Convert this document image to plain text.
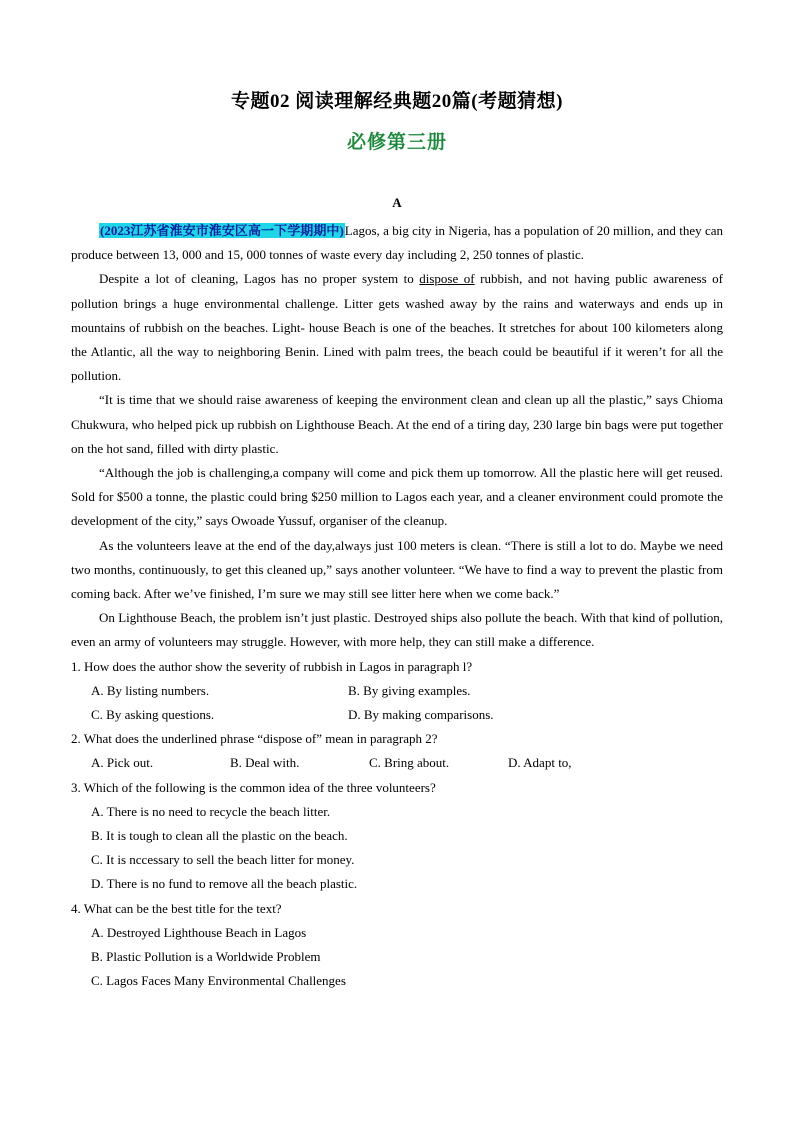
专题02 阅读理解经典题20篇(考题猜想)
必修第三册
A

(2023江苏省淮安市淮安区高一下学期期中)Lagos, a big city in Nigeria, has a population of 20 million, and they can produce between 13, 000 and 15, 000 tonnes of waste every day including 2, 250 tonnes of plastic.

Despite a lot of cleaning, Lagos has no proper system to dispose of rubbish, and not having public awareness of pollution brings a huge environmental challenge. Litter gets washed away by the rains and waterways and ends up in mountains of rubbish on the beaches. Light- house Beach is one of the beaches. It stretches for about 100 kilometers along the Atlantic, all the way to neighboring Benin. Lined with palm trees, the beach could be beautiful if it weren’t for all the pollution.

“It is time that we should raise awareness of keeping the environment clean and clean up all the plastic,” says Chioma Chukwura, who helped pick up rubbish on Lighthouse Beach. At the end of a tiring day, 230 large bin bags were put together on the hot sand, filled with dirty plastic.

“Although the job is challenging,a company will come and pick them up tomorrow. All the plastic here will get reused. Sold for $500 a tonne, the plastic could bring $250 million to Lagos each year, and a cleaner environment could promote the development of the city,” says Owoade Yussuf, organiser of the cleanup.

As the volunteers leave at the end of the day,always just 100 meters is clean. “There is still a lot to do. Maybe we need two months, continuously, to get this cleaned up,” says another volunteer. “We have to find a way to prevent the plastic from coming back. After we’ve finished, I’m sure we may still see litter here when we come back.”

On Lighthouse Beach, the problem isn’t just plastic. Destroyed ships also pollute the beach. With that kind of pollution, even an army of volunteers may struggle. However, with more help, they can still make a difference.

1. How does the author show the severity of rubbish in Lagos in paragraph l?

A. By listing numbers.	B. By giving examples.
C. By asking questions.	D. By making comparisons.

2. What does the underlined phrase “dispose of” mean in paragraph 2?

A. Pick out.	B. Deal with.	C. Bring about.	D. Adapt to,

3. Which of the following is the common idea of the three volunteers?

A. There is no need to recycle the beach litter.
B. It is tough to clean all the plastic on the beach.
C. It is nccessary to sell the beach litter for money.
D. There is no fund to remove all the beach plastic.

4. What can be the best title for the text?

A. Destroyed Lighthouse Beach in Lagos
B. Plastic Pollution is a Worldwide Problem
C. Lagos Faces Many Environmental Challenges
